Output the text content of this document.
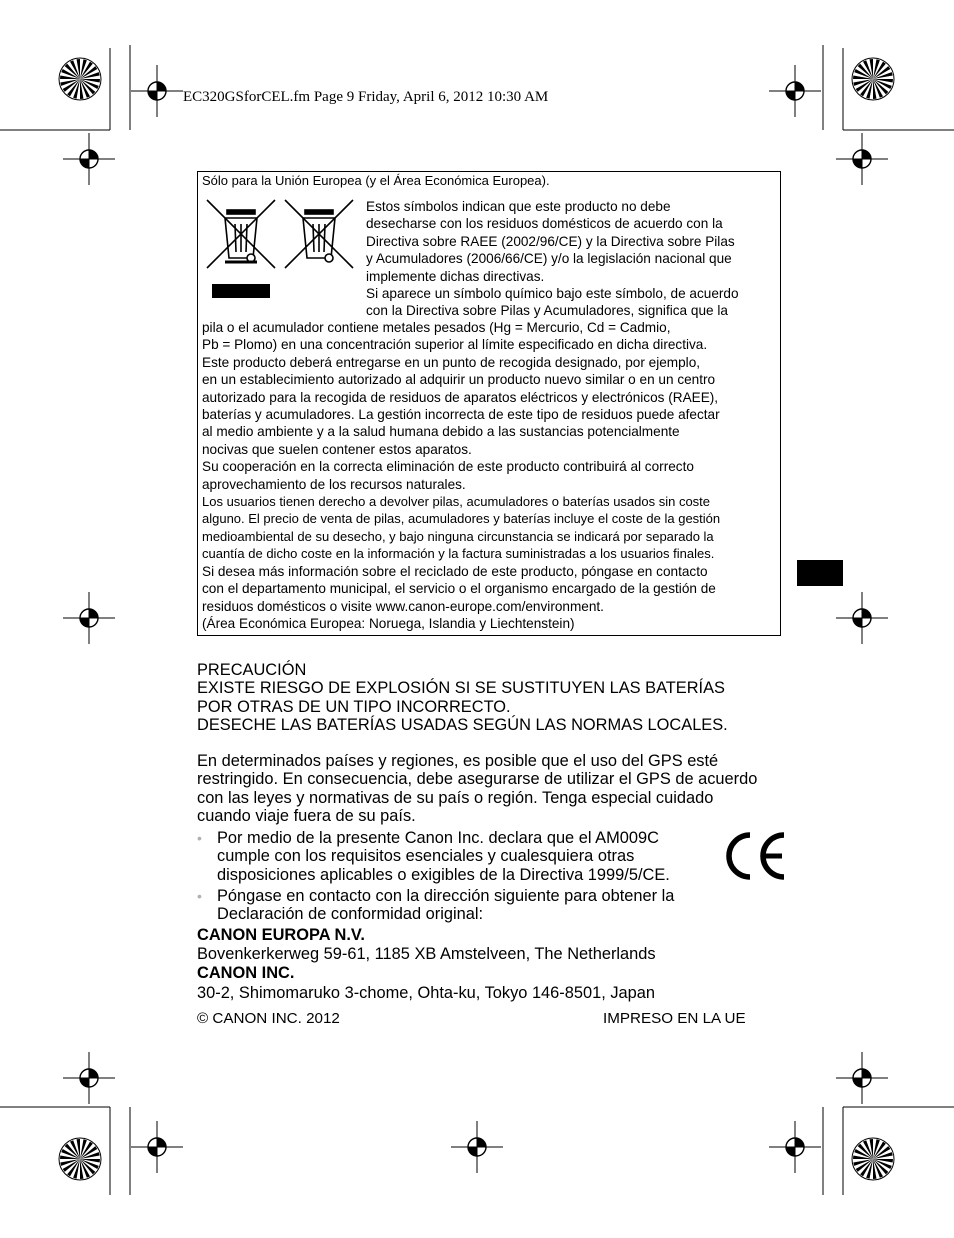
EC320GSforCEL.fm Page 9 Friday, April 6, 2012 10:30 AM
Sólo para la Unión Europea (y el Área Económica Europea).
Estos símbolos indican que este producto no debe
desecharse con los residuos domésticos de acuerdo con la
Directiva sobre RAEE (2002/96/CE) y la Directiva sobre Pilas
y Acumuladores (2006/66/CE) y/o la legislación nacional que
implemente dichas directivas.
Si aparece un símbolo químico bajo este símbolo, de acuerdo
con la Directiva sobre Pilas y Acumuladores, significa que la
pila o el acumulador contiene metales pesados (Hg = Mercurio, Cd = Cadmio,
Pb = Plomo) en una concentración superior al límite especificado en dicha directiva.
Este producto deberá entregarse en un punto de recogida designado, por ejemplo,
en un establecimiento autorizado al adquirir un producto nuevo similar o en un centro
autorizado para la recogida de residuos de aparatos eléctricos y electrónicos (RAEE),
baterías y acumuladores. La gestión incorrecta de este tipo de residuos puede afectar
al medio ambiente y a la salud humana debido a las sustancias potencialmente
nocivas que suelen contener estos aparatos.
Su cooperación en la correcta eliminación de este producto contribuirá al correcto
aprovechamiento de los recursos naturales.
Los usuarios tienen derecho a devolver pilas, acumuladores o baterías usados sin coste
alguno. El precio de venta de pilas, acumuladores y baterías incluye el coste de la gestión
medioambiental de su desecho, y bajo ninguna circunstancia se indicará por separado la
cuantía de dicho coste en la información y la factura suministradas a los usuarios finales.
Si desea más información sobre el reciclado de este producto, póngase en contacto
con el departamento municipal, el servicio o el organismo encargado de la gestión de
residuos domésticos o visite www.canon-europe.com/environment.
(Área Económica Europea: Noruega, Islandia y Liechtenstein)
PRECAUCIÓN
EXISTE RIESGO DE EXPLOSIÓN SI SE SUSTITUYEN LAS BATERÍAS
POR OTRAS DE UN TIPO INCORRECTO.
DESECHE LAS BATERÍAS USADAS SEGÚN LAS NORMAS LOCALES.
En determinados países y regiones, es posible que el uso del GPS esté
restringido. En consecuencia, debe asegurarse de utilizar el GPS de acuerdo
con las leyes y normativas de su país o región. Tenga especial cuidado
cuando viaje fuera de su país.
• Por medio de la presente Canon Inc. declara que el AM009C
cumple con los requisitos esenciales y cualesquiera otras
disposiciones aplicables o exigibles de la Directiva 1999/5/CE.
• Póngase en contacto con la dirección siguiente para obtener la
Declaración de conformidad original:
CANON EUROPA N.V.
Bovenkerkerweg 59-61, 1185 XB Amstelveen, The Netherlands
CANON INC.
30-2, Shimomaruko 3-chome, Ohta-ku, Tokyo 146-8501, Japan
© CANON INC. 2012	IMPRESO EN LA UE
